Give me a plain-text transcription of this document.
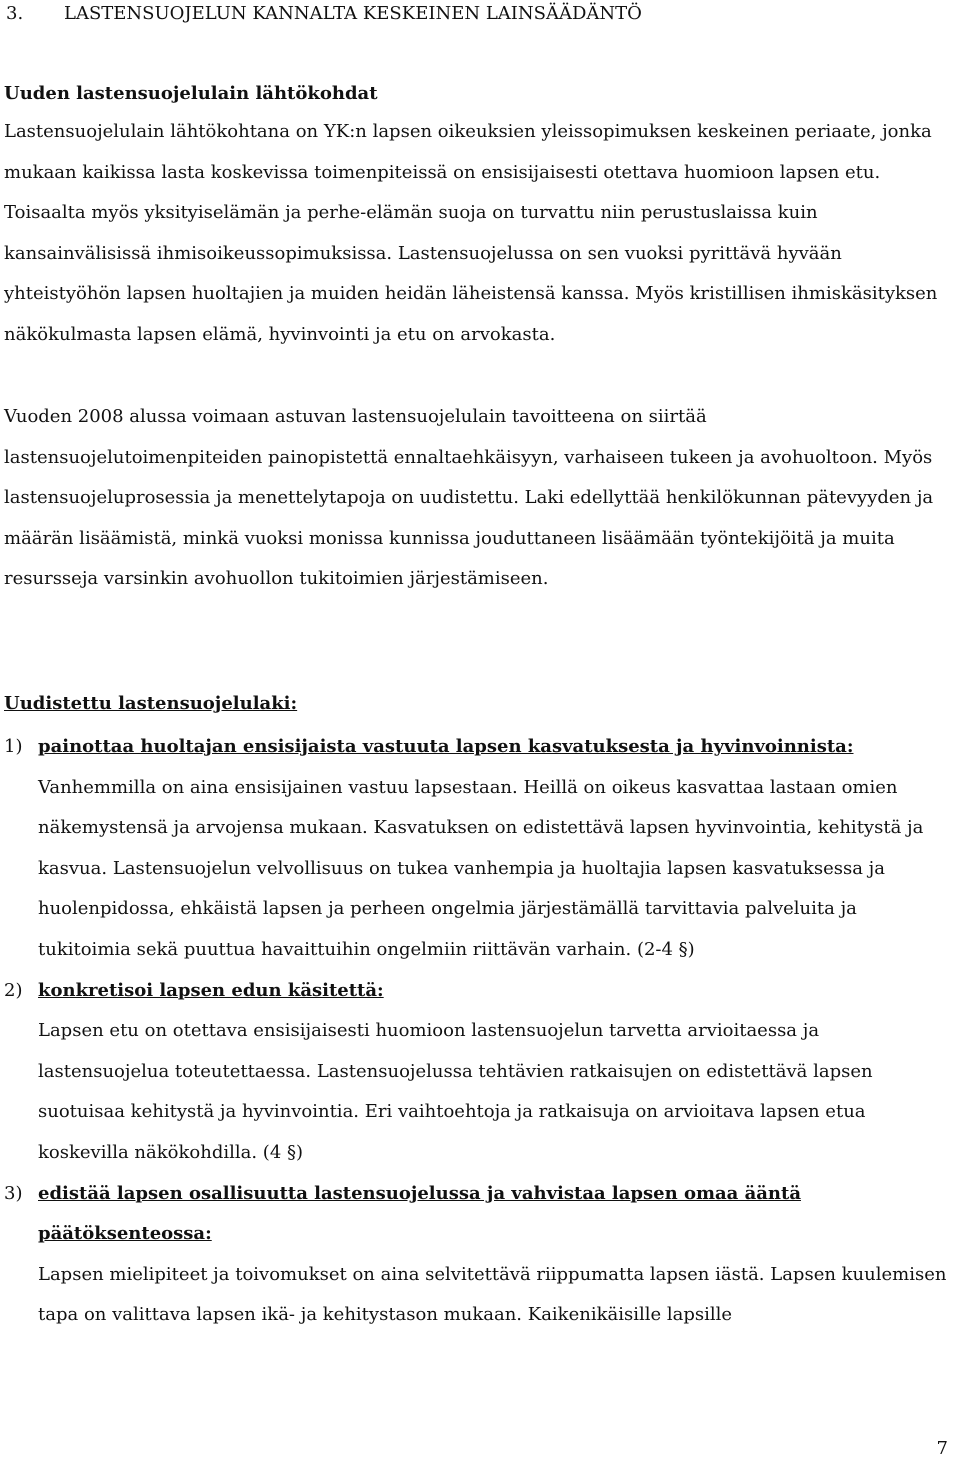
3. LASTENSUOJELUN KANNALTA KESKEINEN LAINSÄÄDÄNTÖ

Uuden lastensuojelulain lähtökohdat

Lastensuojelulain lähtökohtana on YK:n lapsen oikeuksien yleissopimuksen keskeinen periaate, jonka mukaan kaikissa lasta koskevissa toimenpiteissä on ensisijaisesti otettava huomioon lapsen etu. Toisaalta myös yksityiselämän ja perhe-elämän suoja on turvattu niin perustuslaissa kuin kansainvälisissä ihmisoikeussopimuksissa. Lastensuojelussa on sen vuoksi pyrittävä hyvään yhteistyöhön lapsen huoltajien ja muiden heidän läheistensä kanssa. Myös kristillisen ihmiskäsityksen näkökulmasta lapsen elämä, hyvinvointi ja etu on arvokasta.

Vuoden 2008 alussa voimaan astuvan lastensuojelulain tavoitteena on siirtää lastensuojelutoimenpiteiden painopistettä ennaltaehkäisyyn, varhaiseen tukeen ja avohuoltoon. Myös lastensuojeluprosessia ja menettelytapoja on uudistettu. Laki edellyttää henkilökunnan pätevyyden ja määrän lisäämistä, minkä vuoksi monissa kunnissa jouduttaneen lisäämään työntekijöitä ja muita resursseja varsinkin avohuollon tukitoimien järjestämiseen.

Uudistettu lastensuojelulaki:

1) painottaa huoltajan ensisijaista vastuuta lapsen kasvatuksesta ja hyvinvoinnista:
Vanhemmilla on aina ensisijainen vastuu lapsestaan. Heillä on oikeus kasvattaa lastaan omien näkemystensä ja arvojensa mukaan. Kasvatuksen on edistettävä lapsen hyvinvointia, kehitystä ja kasvua. Lastensuojelun velvollisuus on tukea vanhempia ja huoltajia lapsen kasvatuksessa ja huolenpidossa, ehkäistä lapsen ja perheen ongelmia järjestämällä tarvittavia palveluita ja tukitoimia sekä puuttua havaittuihin ongelmiin riittävän varhain. (2-4 §)
2) konkretisoi lapsen edun käsitettä:
Lapsen etu on otettava ensisijaisesti huomioon lastensuojelun tarvetta arvioitaessa ja lastensuojelua toteutettaessa. Lastensuojelussa tehtävien ratkaisujen on edistettävä lapsen suotuisaa kehitystä ja hyvinvointia. Eri vaihtoehtoja ja ratkaisuja on arvioitava lapsen etua koskevilla näkökohdilla. (4 §)
3) edistää lapsen osallisuutta lastensuojelussa ja vahvistaa lapsen omaa ääntä päätöksenteossa:
Lapsen mielipiteet ja toivomukset on aina selvitettävä riippumatta lapsen iästä. Lapsen kuulemisen tapa on valittava lapsen ikä- ja kehitystason mukaan. Kaikenikäisille lapsille
7
